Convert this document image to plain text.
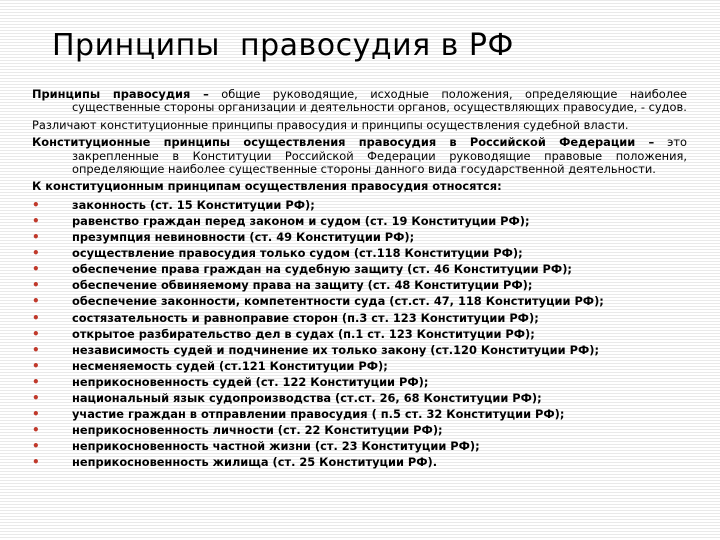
Принципы  правосудия в РФ

Принципы правосудия – общие руководящие, исходные положения, определяющие наиболее существенные стороны организации и деятельности органов, осуществляющих правосудие, - судов.

Различают конституционные принципы правосудия и принципы осуществления судебной власти.

Конституционные принципы осуществления правосудия в Российской Федерации – это закрепленные в Конституции Российской Федерации руководящие правовые положения, определяющие наиболее существенные стороны данного вида государственной деятельности.

К конституционным принципам осуществления правосудия относятся:

•	законность (ст. 15 Конституции РФ);
•	равенство граждан перед законом и судом (ст. 19 Конституции РФ);
•	презумпция невиновности (ст. 49 Конституции РФ);
•	осуществление правосудия только судом (ст.118 Конституции РФ);
•	обеспечение права граждан на судебную защиту (ст. 46 Конституции РФ);
•	обеспечение обвиняемому права на защиту (ст. 48 Конституции РФ);
•	обеспечение законности, компетентности суда (ст.ст. 47, 118 Конституции РФ);
•	состязательность и равноправие сторон (п.3 ст. 123 Конституции РФ);
•	открытое разбирательство дел в судах (п.1 ст. 123 Конституции РФ);
•	независимость судей и подчинение их только закону (ст.120 Конституции РФ);
•	несменяемость судей (ст.121 Конституции РФ);
•	неприкосновенность судей (ст. 122 Конституции РФ);
•	национальный язык судопроизводства (ст.ст. 26, 68 Конституции РФ);
•	участие граждан в отправлении правосудия ( п.5 ст. 32 Конституции РФ);
•	неприкосновенность личности (ст. 22 Конституции РФ);
•	неприкосновенность частной жизни (ст. 23 Конституции РФ);
•	неприкосновенность жилища (ст. 25 Конституции РФ).
